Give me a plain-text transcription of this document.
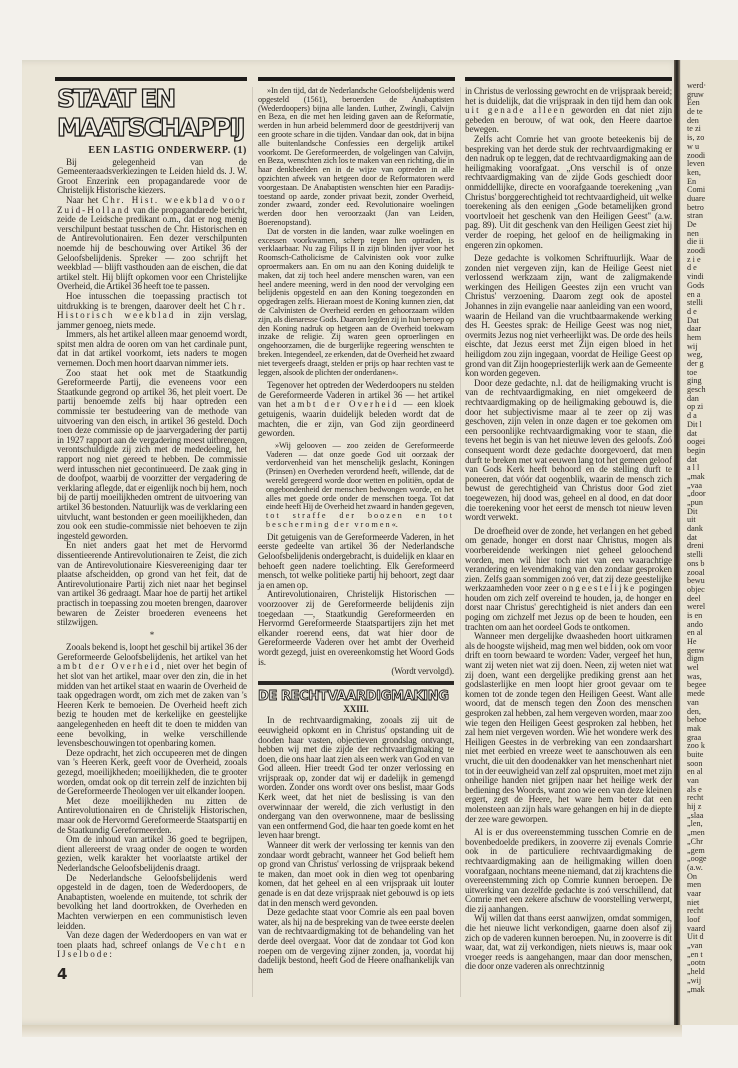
werd·
gruw
Een
de te
den
te zi
is, zo
w u
zoodi
leven
ken,
En
Comi
duare
betro
stran
De
nen
die ii
zoodi
z i e
d e
vindi
Gods
en a
stelli
d e
Dat
daar
hem
wij
weg,
der g
toe
ging
gesch
dan
op zi
d a
Dit l
dat
oogei
begin
dat
a l l
„mak
„vaa
„door
„pun
Dit
uit
dank
dat
dreni
stelli
ons b
zooal
bewu
objec
deel
werel
is en
ando
en al
He
genw
digm
wel
was,
begee
mede
van
den,
behoe
mak
graa
zoo k
buite
soon
en al
van
als e
recht
hij z
„slaa
„len,
„men
„Chr
„gem
„ooge
(a.w.
On
men
vaar
niet
recht
loof
vaard
Uit d
„van
„en t
„ootn
„held
„wij
„mak
STAAT EN
MAATSCHAPPIJ
EEN LASTIG ONDERWERP. (1)

Bij gelegenheid van de Gemeenteraadsverkiezingen te Leiden hield ds. J. W. Groot Enzerink een propagandarede voor de Christelijk Historische kiezers.

Naar het Chr. Hist. weekblad voor Zuid-Holland van die propagandarede bericht, zeide de Leidsche predikant o.m., dat er nog menig verschilpunt bestaat tusschen de Chr. Historischen en de Antirevolutionairen. Een dezer verschilpunten noemde hij de beschouwing over Artikel 36 der Geloofsbelijdenis. Spreker — zoo schrijft het weekblad — blijft vasthouden aan de eischen, die dat artikel stelt. Hij blijft opkomen voor een Christelijke Overheid, die Artikel 36 heeft toe te passen.

Hoe intusschen die toepassing practisch tot uitdrukking is te brengen, daarover deelt het Chr. Historisch weekblad in zijn verslag, jammer genoeg, niets mede.

Immers, als het artikel alleen maar genoemd wordt, spitst men aldra de ooren om van het cardinale punt, dat in dat artikel voorkomt, iets naders te mogen vernemen. Doch men hoort daarvan nimmer iets.

Zoo staat het ook met de Staatkundig Gereformeerde Partij, die eveneens voor een Staatkunde gegrond op artikel 36, het pleit voert. De partij benoemde zelfs bij haar optreden een commissie ter bestudeering van de methode van uitvoering van den eisch, in artikel 36 gesteld. Doch toen deze commissie op de jaarvergadering der partij in 1927 rapport aan de vergadering moest uitbrengen, verontschuldigde zij zich met de mededeeling, het rapport nog niet gereed te hebben. De commissie werd intusschen niet gecontinueerd. De zaak ging in de doofpot, waarbij de voorzitter der vergadering de verklaring aflegde, dat er eigenlijk noch bij hem, noch bij de partij moeilijkheden omtrent de uitvoering van artikel 36 bestonden. Natuurlijk was de verklaring een uitvlucht, want bestonden er geen moeilijkheden, dan zou ook een studie-commissie niet behoeven te zijn ingesteld geworden.

En niet anders gaat het met de Hervormd dissentieerende Antirevolutionairen te Zeist, die zich van de Antirevolutionaire Kiesvereeniging daar ter plaatse afscheidden, op grond van het feit, dat de Antirevolutionaire Partij zich niet naar het beginsel van artikel 36 gedraagt. Maar hoe de partij het artikel practisch in toepassing zou moeten brengen, daarover bewaren de Zeister broederen eveneens het stilzwijgen.

*

Zooals bekend is, loopt het geschil bij artikel 36 der Gereformeerde Geloofsbelijdenis, het artikel van het ambt der Overheid, niet over het begin of het slot van het artikel, maar over den zin, die in het midden van het artikel staat en waarin de Overheid de taak opgedragen wordt, om zich met de zaken van 's Heeren Kerk te bemoeien. De Overheid heeft zich bezig te houden met de kerkelijke en geestelijke aangelegenheden en heeft dit te doen te midden van eene bevolking, in welke verschillende levensbeschouwingen tot openbaring komen.

Deze opdracht, het zich occupeeren met de dingen van 's Heeren Kerk, geeft voor de Overheid, zooals gezegd, moeilijkheden; moeilijkheden, die te grooter worden, omdat ook op dit terrein zelf de inzichten bij de Gereformeerde Theologen ver uit elkander loopen.

Met deze moeilijkheden nu zitten de Antirevolutionairen en de Christelijk Historischen, maar ook de Hervormd Gereformeerde Staatspartij en de Staatkundig Gereformeerden.

Om de inhoud van artikel 36 goed te begrijpen, dient allereerst de vraag onder de oogen te worden gezien, welk karakter het voorlaatste artikel der Nederlandsche Geloofsbelijdenis draagt.

De Nederlandsche Geloofsbelijdenis werd opgesteld in de dagen, toen de Wederdoopers, de Anabaptisten, woelende en muitende, tot schrik der bevolking het land doortrokken, de Overheden en Machten verwierpen en een communistisch leven leidden.

Van deze dagen der Wederdoopers en van wat er toen plaats had, schreef onlangs de Vecht en IJselbode:

4

»In den tijd, dat de Nederlandsche Geloofsbelijdenis werd opgesteld (1561), beroerden de Anabaptisten (Wederdoopers) bijna alle landen. Luther, Zwingli, Calvijn en Beza, en die met hen leiding gaven aan de Reformatie, werden in hun arbeid belemmerd door de geestdrijverij van een groote schare in die tijden. Vandaar dan ook, dat in bijna alle buitenlandsche Confessies een dergelijk artikel voorkomt. De Gereformeerden, de volgelingen van Calvijn, en Beza, wenschten zich los te maken van een richting, die in haar denkbeelden en in de wijze van optreden in alle opzichten afweek van hetgeen door de Reformatoren werd voorgestaan. De Anabaptisten wenschten hier een Paradijs-toestand op aarde, zonder privaat bezit, zonder Overheid, zonder zwaard, zonder eed. Revolutionaire woelingen werden door hen veroorzaakt (Jan van Leiden, Boerenopstand).

Dat de vorsten in die landen, waar zulke woelingen en excessen voorkwamen, scherp tegen hen optraden, is verklaarbaar. Nu zag Filips II in zijn blinden ijver voor het Roomsch-Catholicisme de Calvinisten ook voor zulke oproermakers aan. En om nu aan den Koning duidelijk te maken, dat zij toch heel andere menschen waren, van een heel andere meening, werd in den nood der vervolging een belijdenis opgesteld en aan den Koning toegezonden en opgedragen zelfs. Hieraan moest de Koning kunnen zien, dat de Calvinisten de Overheid eerden en gehoorzaam wilden zijn, als dienaresse Gods. Daarom legden zij in hun beroep op den Koning nadruk op hetgeen aan de Overheid toekwam inzake de religie. Zij waren geen oproerlingen en ongehoorzamen, die de burgerlijke regeering wenschten te breken. Integendeel, ze erkenden, dat de Overheid het zwaard niet tevergeefs draagt, stelden er prijs op haar rechten vast te leggen, alsook de plichten der onderdanen«.

Tegenover het optreden der Wederdoopers nu stelden de Gereformeerde Vaderen in artikel 36 — het artikel van het ambt der Overheid — een kloek getuigenis, waarin duidelijk beleden wordt dat de machten, die er zijn, van God zijn geordineerd geworden.

»Wij gelooven — zoo zeiden de Gereformeerde Vaderen — dat onze goede God uit oorzaak der verdorvenheid van het menschelijk geslacht, Koningen (Prinsen) en Overheden verordend heeft, willende, dat de wereld geregeerd worde door wetten en politiën, opdat de ongebondenheid der menschen bedwongen worde, en het alles met goede orde onder de menschen toega. Tot dat einde heeft Hij de Overheid het zwaard in handen gegeven, tot straffe der boozen en tot bescherming der vromen«.

Dit getuigenis van de Gereformeerde Vaderen, in het eerste gedeelte van artikel 36 der Nederlandsche Geloofsbelijdenis ondergebracht, is duidelijk en klaar en behoeft geen nadere toelichting. Elk Gereformeerd mensch, tot welke politieke partij hij behoort, zegt daar ja en amen op.

Antirevolutionairen, Christelijk Historischen — voorzoover zij de Gereformeerde belijdenis zijn toegedaan —, Staatkundig Gereformeerden en Hervormd Gereformeerde Staatspartijers zijn het met elkander roerend eens, dat wat hier door de Gereformeerde Vaderen over het ambt der Overheid wordt gezegd, juist en overeenkomstig het Woord Gods is.

(Wordt vervolgd).
DE RECHTVAARDIGMAKING
XXIII.

In de rechtvaardigmaking, zooals zij uit de eeuwigheid opkomt en in Christus' opstanding uit de dooden haar vasten, objectieven grondslag ontvangt, hebben wij met die zijde der rechtvaardigmaking te doen, die ons haar laat zien als een werk van God en van God alleen. Hier treedt God ter onzer verlossing en vrijspraak op, zonder dat wij er dadelijk in gemengd worden. Zonder ons wordt over ons beslist, maar Gods Kerk weet, dat het niet de beslissing is van den overwinnaar der wereld, die zich verlustigt in den ondergang van den overwonnene, maar de beslissing van een ontfermend God, die haar ten goede komt en het leven haar brengt.

Wanneer dit werk der verlossing ter kennis van den zondaar wordt gebracht, wanneer het God belieft hem op grond van Christus' verlossing de vrijspraak bekend te maken, dan moet ook in dien weg tot openbaring komen, dat het geheel en al een vrijspraak uit louter genade is en dat deze vrijspraak niet gebouwd is op iets dat in den mensch werd gevonden.

Deze gedachte staat voor Comrie als een paal boven water, als hij na de bespreking van de twee eerste deelen van de rechtvaardigmaking tot de behandeling van het derde deel overgaat. Voor dat de zondaar tot God kon roepen om de vergeving zijner zonden, ja, voordat hij dadelijk bestond, heeft God de Heere onafhankelijk van hem

in Christus de verlossing gewrocht en de vrijspraak bereid; het is duidelijk, dat die vrijspraak in den tijd hem dan ook uit genade alleen geworden en dat niet zijn gebeden en berouw, of wat ook, den Heere daartoe bewegen.

Zelfs acht Comrie het van groote beteekenis bij de bespreking van het derde stuk der rechtvaardigmaking er den nadruk op te leggen, dat de rechtvaardigmaking aan de heiligmaking voorafgaat. „Ons verschil is of onze rechtvaardigmaking van de zijde Gods geschiedt door onmiddellijke, directe en voorafgaande toerekening „van Christus' borggerechtigheid tot rechtvaardigheid, uit welke toerekening als den eenigen „Gode betamelijken grond voortvloeit het geschenk van den Heiligen Geest" (a.w. pag. 89). Uit dit geschenk van den Heiligen Geest ziet hij verder de roeping, het geloof en de heiligmaking in engeren zin opkomen.

Deze gedachte is volkomen Schriftuurlijk. Waar de zonden niet vergeven zijn, kan de Heilige Geest niet verlossend werkzaam zijn, want de zaligmakende werkingen des Heiligen Geestes zijn een vrucht van Christus' verzoening. Daarom zegt ook de apostel Johannes in zijn evangelie naar aanleiding van een woord, waarin de Heiland van die vruchtbaarmakende werking des H. Geestes sprak: de Heilige Geest was nog niet, overmits Jezus nog niet verheerlijkt was. De orde des heils eischte, dat Jezus eerst met Zijn eigen bloed in het heiligdom zou zijn ingegaan, voordat de Heilige Geest op grond van dit Zijn hoogepriesterlijk werk aan de Gemeente kon worden gegeven.

Door deze gedachte, n.l. dat de heiligmaking vrucht is van de rechtvaardigmaking, en niet omgekeerd de rechtvaardigmaking op de heiligmaking gebouwd is, die door het subjectivisme maar al te zeer op zij was geschoven, zijn velen in onze dagen er toe gekomen om een persoonlijke rechtvaardigmaking voor te staan, die tevens het begin is van het nieuwe leven des geloofs. Zoó consequent wordt deze gedachte doorgevoerd, dat men durft te breken met wat eeuwen lang tot het gemeen geloof van Gods Kerk heeft behoord en de stelling durft te poneeren, dat vóór dat oogenblik, waarin de mensch zich bewust de gerechtigheid van Christus door God ziet toegewezen, hij dood was, geheel en al dood, en dat door die toerekening voor het eerst de mensch tot nieuw leven wordt verwekt.

De droefheid over de zonde, het verlangen en het gebed om genade, honger en dorst naar Christus, mogen als voorbereidende werkingen niet geheel geloochend worden, men wil hier toch niet van een waarachtige verandering en levendmaking van den zondaar gesproken zien. Zelfs gaan sommigen zoó ver, dat zij deze geestelijke werkzaamheden voor zeer ongeestelijke pogingen houden om zich zelf overeind te houden, ja, de honger en dorst naar Christus' gerechtigheid is niet anders dan een poging om zichzelf met Jezus op de been te houden, een trachten om aan het oordeel Gods te ontkomen.

Wanneer men dergelijke dwaasheden hoort uitkramen als de hoogste wijsheid, mag men wel bidden, ook om voor drift en toorn bewaard te worden: Vader, vergeef het hun, want zij weten niet wat zij doen. Neen, zij weten niet wat zij doen, want een dergelijke prediking grenst aan het godslasterlijke en men loopt hier groot gevaar om te komen tot de zonde tegen den Heiligen Geest. Want alle woord, dat de mensch tegen den Zoon des menschen gesproken zal hebben, zal hem vergeven worden, maar zoo wie tegen den Heiligen Geest gesproken zal hebben, het zal hem niet vergeven worden. Wie het wondere werk des Heiligen Geestes in de verbreking van een zondaarshart niet met eerbied en vreeze weet te aanschouwen als een vrucht, die uit den doodenakker van het menschenhart niet tot in der eeuwigheid van zelf zal opspruiten, moet met zijn onheilige handen niet grijpen naar het heilige werk der bediening des Woords, want zoo wie een van deze kleinen ergert, zegt de Heere, het ware hem beter dat een molensteen aan zijn hals ware gehangen en hij in de diepte der zee ware geworpen.

Al is er dus overeenstemming tusschen Comrie en de bovenbedoelde predikers, in zooverre zij evenals Comrie ook in de particuliere rechtvaardigmaking de rechtvaardigmaking aan de heiligmaking willen doen voorafgaan, nochtans meene niemand, dat zij krachtens die overeenstemming zich op Comrie kunnen beroepen. De uitwerking van dezelfde gedachte is zoó verschillend, dat Comrie met een zekere afschuw de voorstelling verwerpt, die zij aanhangen.

Wij willen dat thans eerst aanwijzen, omdat sommigen, die het nieuwe licht verkondigen, gaarne doen alsof zij zich op de vaderen kunnen beroepen. Nu, in zooverre is dit waar, dat, wat zij verkondigen, niets nieuws is, maar ook vroeger reeds is aangehangen, maar dan door menschen, die door onze vaderen als onrechtzinnig
